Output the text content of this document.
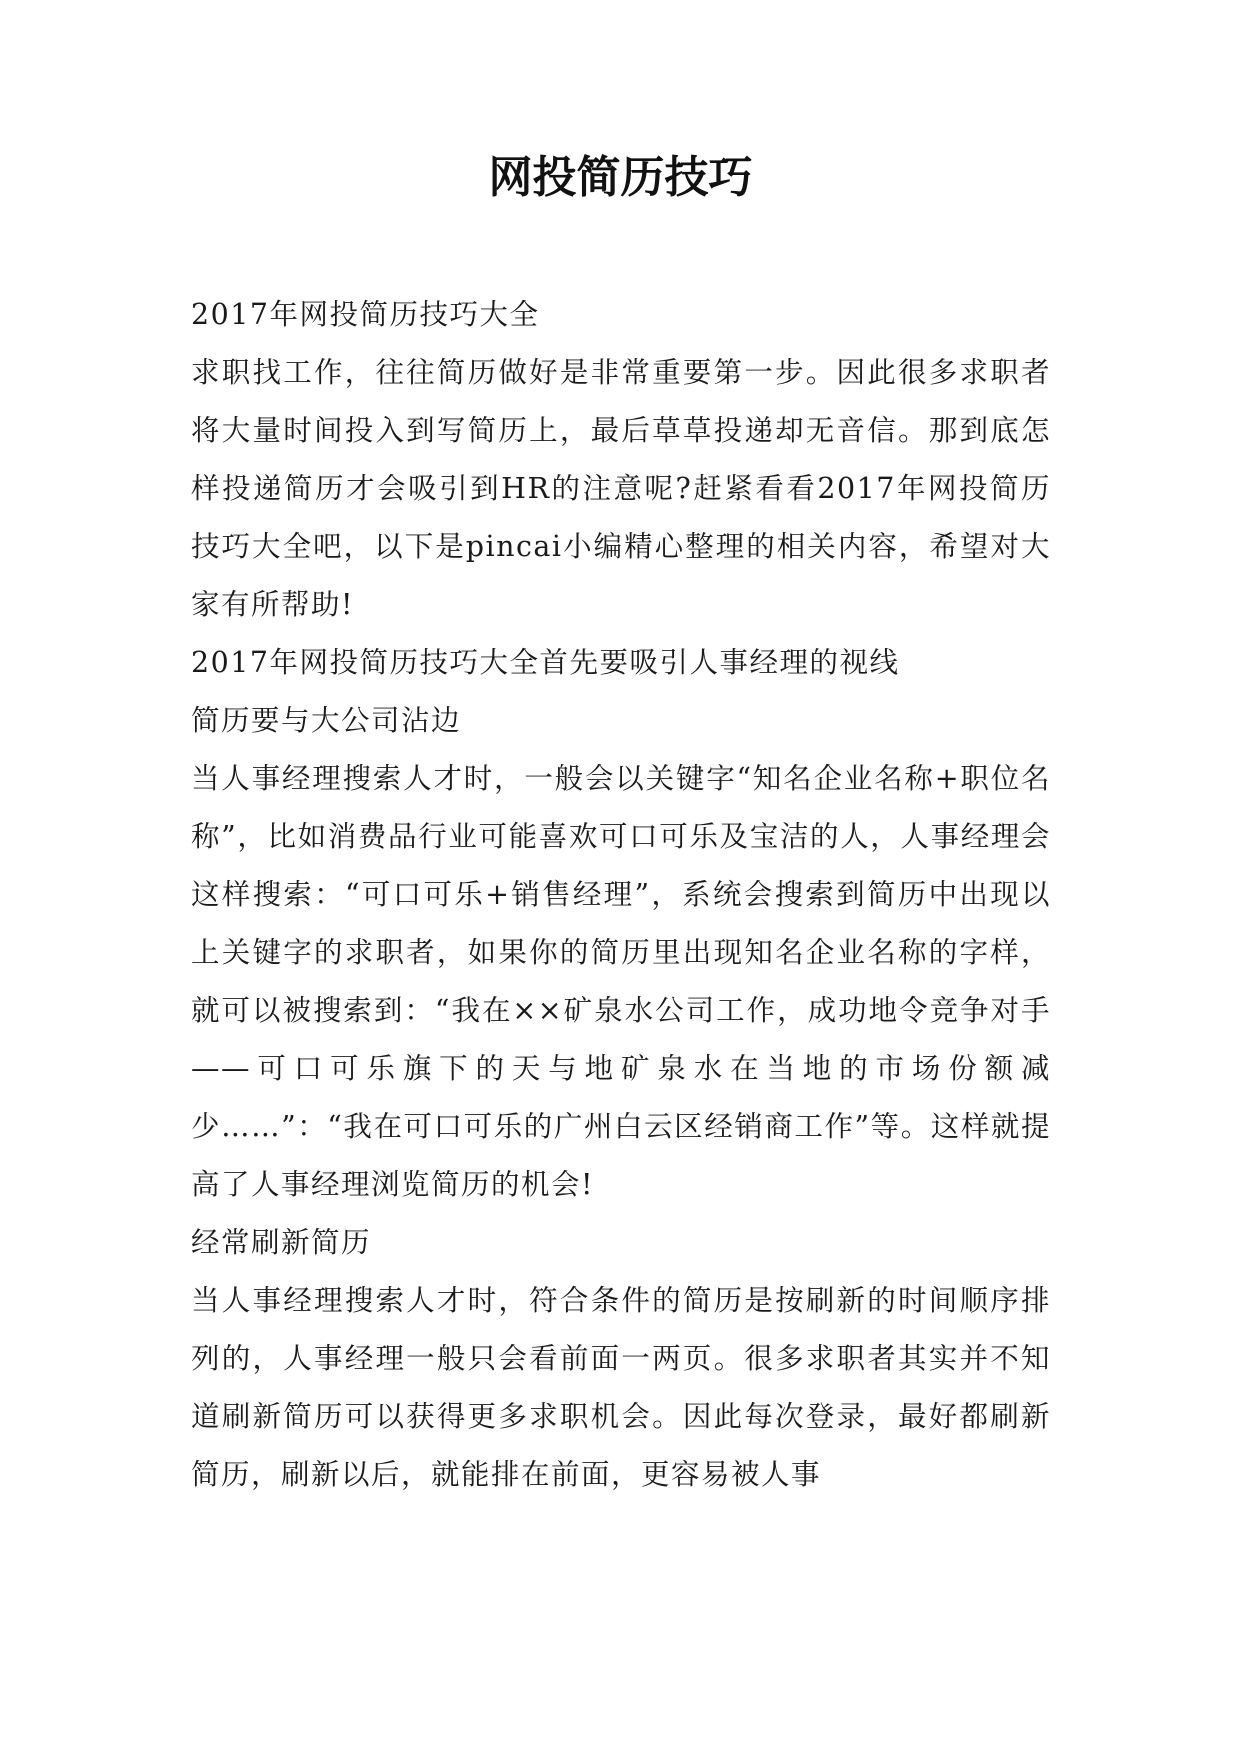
网投简历技巧

2017年网投简历技巧大全

求职找工作，往往简历做好是非常重要第一步。因此很多求职者将大量时间投入到写简历上，最后草草投递却无音信。那到底怎样投递简历才会吸引到HR的注意呢?赶紧看看2017年网投简历技巧大全吧，以下是pincai小编精心整理的相关内容，希望对大家有所帮助!

2017年网投简历技巧大全首先要吸引人事经理的视线

简历要与大公司沾边

当人事经理搜索人才时，一般会以关键字“知名企业名称+职位名称”，比如消费品行业可能喜欢可口可乐及宝洁的人，人事经理会这样搜索：“可口可乐+销售经理”，系统会搜索到简历中出现以上关键字的求职者，如果你的简历里出现知名企业名称的字样，就可以被搜索到：“我在××矿泉水公司工作，成功地令竞争对手——可口可乐旗下的天与地矿泉水在当地的市场份额减少……”：“我在可口可乐的广州白云区经销商工作”等。这样就提高了人事经理浏览简历的机会!

经常刷新简历

当人事经理搜索人才时，符合条件的简历是按刷新的时间顺序排列的，人事经理一般只会看前面一两页。很多求职者其实并不知道刷新简历可以获得更多求职机会。因此每次登录，最好都刷新简历，刷新以后，就能排在前面，更容易被人事
